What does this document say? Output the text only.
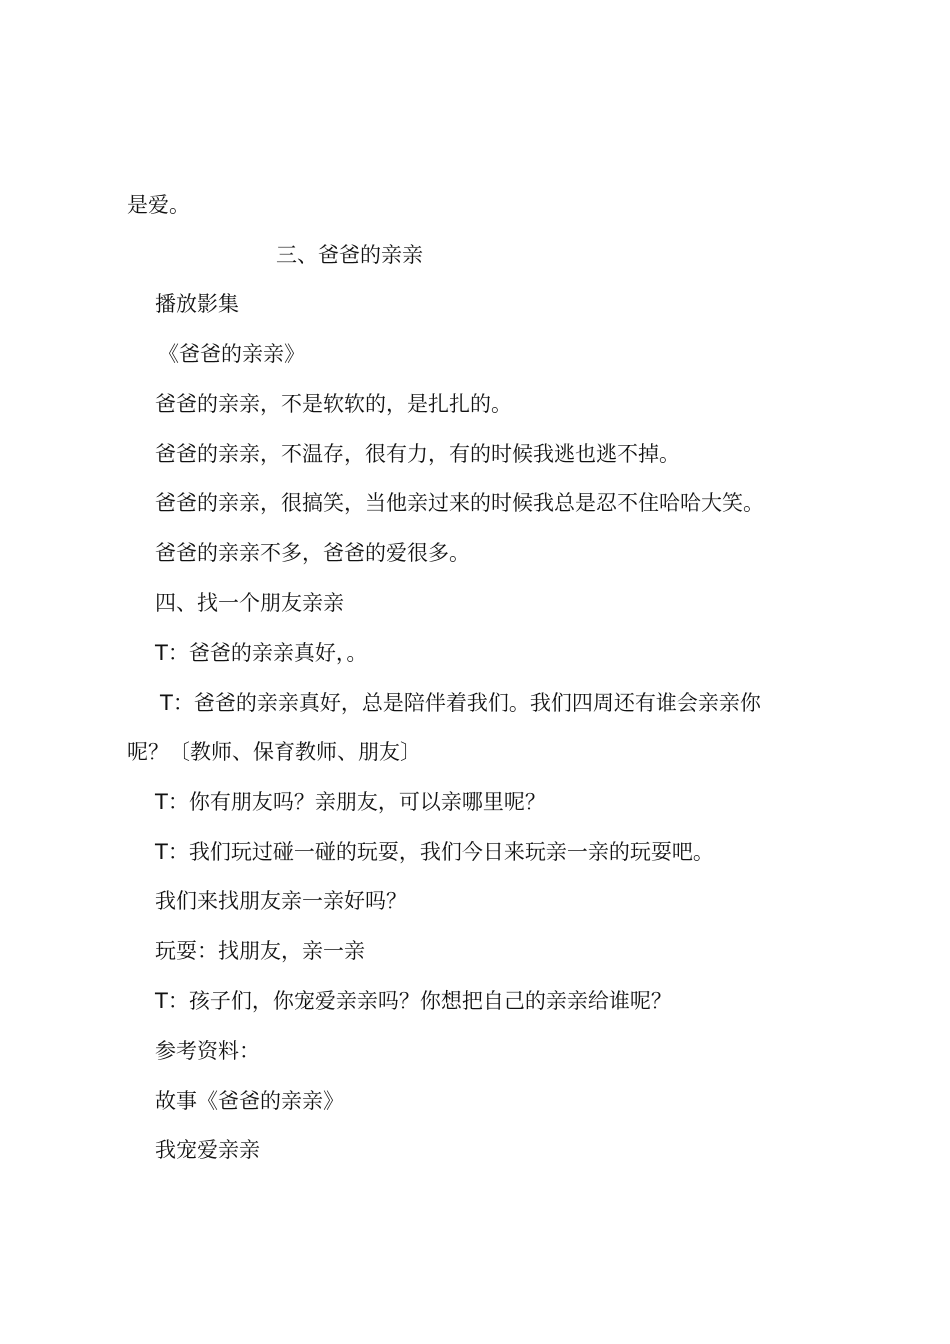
是爱。
三、爸爸的亲亲
播放影集
《爸爸的亲亲》
爸爸的亲亲，不是软软的，是扎扎的。
爸爸的亲亲，不温存，很有力，有的时候我逃也逃不掉。
爸爸的亲亲，很搞笑，当他亲过来的时候我总是忍不住哈哈大笑。
爸爸的亲亲不多，爸爸的爱很多。
四、找一个朋友亲亲
T：爸爸的亲亲真好，。
T：爸爸的亲亲真好，总是陪伴着我们。我们四周还有谁会亲亲你
呢？〔教师、保育教师、朋友〕
T：你有朋友吗？亲朋友，可以亲哪里呢？
T：我们玩过碰一碰的玩耍，我们今日来玩亲一亲的玩耍吧。
我们来找朋友亲一亲好吗？
玩耍：找朋友，亲一亲
T：孩子们，你宠爱亲亲吗？你想把自己的亲亲给谁呢？
参考资料：
故事《爸爸的亲亲》
我宠爱亲亲
